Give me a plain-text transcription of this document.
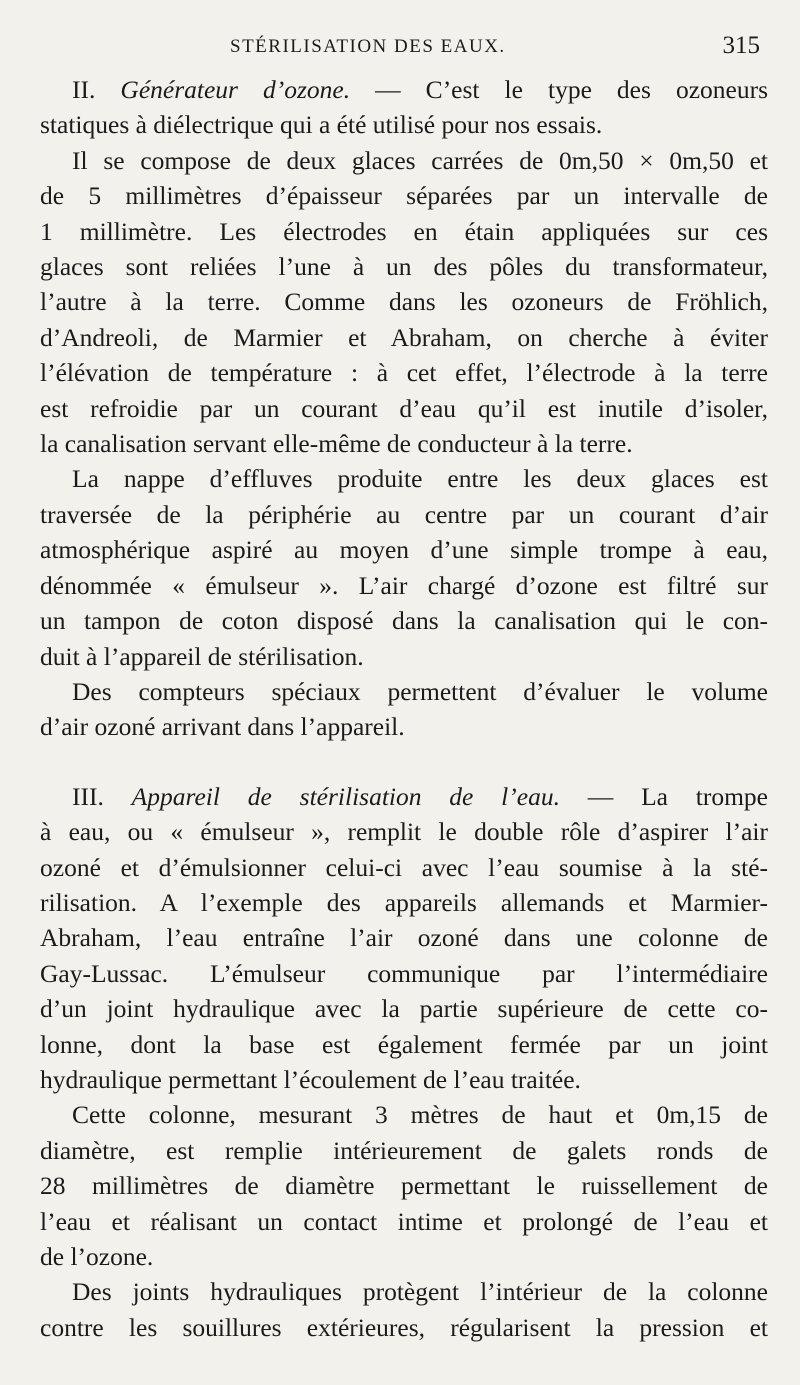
STÉRILISATION DES EAUX.	315
II. Générateur d’ozone. — C’est le type des ozoneurs
statiques à diélectrique qui a été utilisé pour nos essais.
Il se compose de deux glaces carrées de 0m,50 × 0m,50 et
de 5 millimètres d’épaisseur séparées par un intervalle de
1 millimètre. Les électrodes en étain appliquées sur ces
glaces sont reliées l’une à un des pôles du transformateur,
l’autre à la terre. Comme dans les ozoneurs de Fröhlich,
d’Andreoli, de Marmier et Abraham, on cherche à éviter
l’élévation de température : à cet effet, l’électrode à la terre
est refroidie par un courant d’eau qu’il est inutile d’isoler,
la canalisation servant elle-même de conducteur à la terre.
La nappe d’effluves produite entre les deux glaces est
traversée de la périphérie au centre par un courant d’air
atmosphérique aspiré au moyen d’une simple trompe à eau,
dénommée « émulseur ». L’air chargé d’ozone est filtré sur
un tampon de coton disposé dans la canalisation qui le con-
duit à l’appareil de stérilisation.
Des compteurs spéciaux permettent d’évaluer le volume
d’air ozoné arrivant dans l’appareil.
III. Appareil de stérilisation de l’eau. — La trompe
à eau, ou « émulseur », remplit le double rôle d’aspirer l’air
ozoné et d’émulsionner celui-ci avec l’eau soumise à la sté-
rilisation. A l’exemple des appareils allemands et Marmier-
Abraham, l’eau entraîne l’air ozoné dans une colonne de
Gay-Lussac. L’émulseur communique par l’intermédiaire
d’un joint hydraulique avec la partie supérieure de cette co-
lonne, dont la base est également fermée par un joint
hydraulique permettant l’écoulement de l’eau traitée.
Cette colonne, mesurant 3 mètres de haut et 0m,15 de
diamètre, est remplie intérieurement de galets ronds de
28 millimètres de diamètre permettant le ruissellement de
l’eau et réalisant un contact intime et prolongé de l’eau et
de l’ozone.
Des joints hydrauliques protègent l’intérieur de la colonne
contre les souillures extérieures, régularisent la pression et
